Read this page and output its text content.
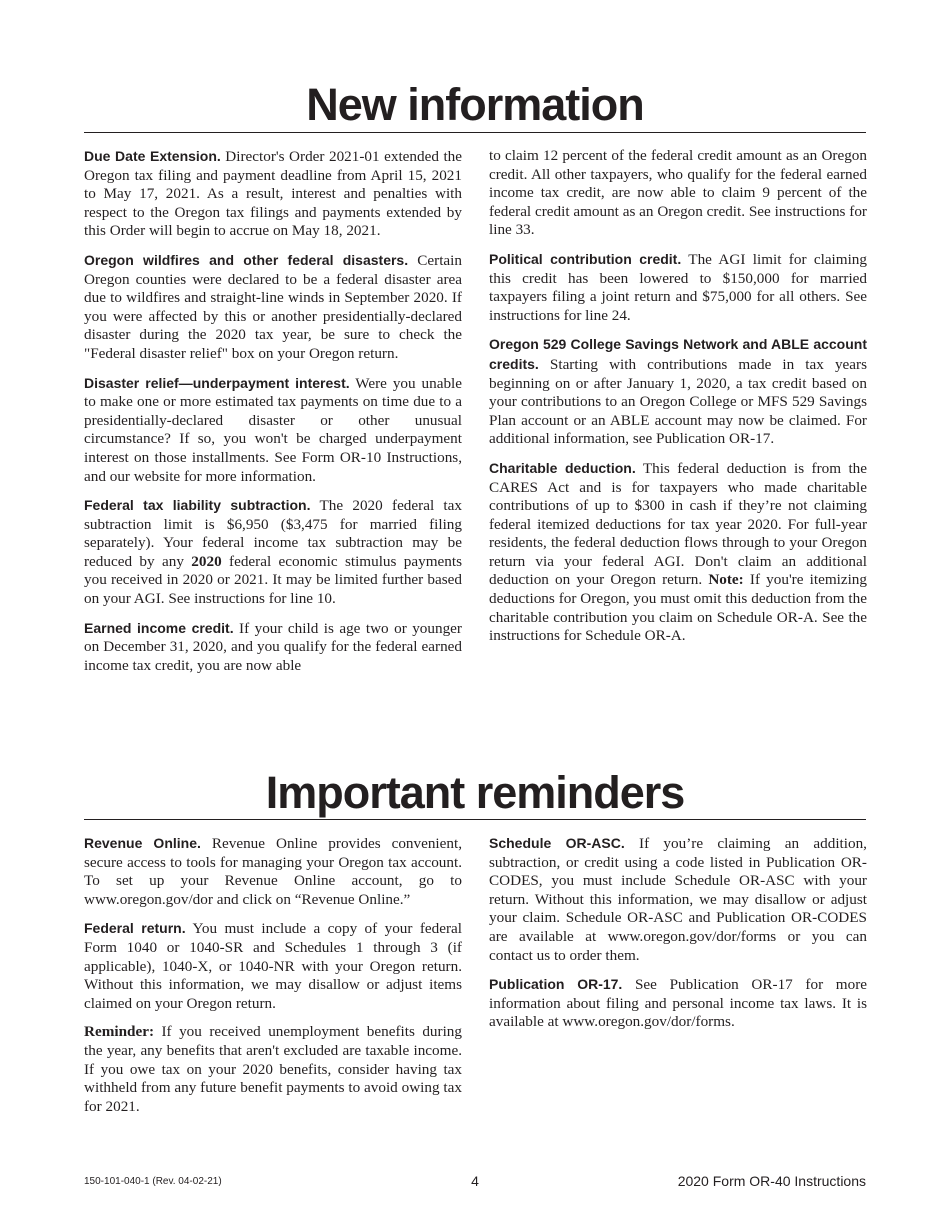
New information

Due Date Extension. Director's Order 2021-01 extended the Oregon tax filing and payment deadline from April 15, 2021 to May 17, 2021. As a result, interest and penalties with respect to the Oregon tax filings and payments extended by this Order will begin to accrue on May 18, 2021.

Oregon wildfires and other federal disasters. Certain Oregon counties were declared to be a federal disaster area due to wildfires and straight-line winds in September 2020. If you were affected by this or another presidentially-declared disaster during the 2020 tax year, be sure to check the "Federal disaster relief" box on your Oregon return.

Disaster relief—underpayment interest. Were you unable to make one or more estimated tax payments on time due to a presidentially-declared disaster or other unusual circumstance? If so, you won't be charged underpayment interest on those installments. See Form OR-10 Instructions, and our website for more information.

Federal tax liability subtraction. The 2020 federal tax subtraction limit is $6,950 ($3,475 for married filing separately). Your federal income tax subtraction may be reduced by any 2020 federal economic stimulus payments you received in 2020 or 2021. It may be limited further based on your AGI. See instructions for line 10.

Earned income credit. If your child is age two or younger on December 31, 2020, and you qualify for the federal earned income tax credit, you are now able

to claim 12 percent of the federal credit amount as an Oregon credit. All other taxpayers, who qualify for the federal earned income tax credit, are now able to claim 9 percent of the federal credit amount as an Oregon credit. See instructions for line 33.

Political contribution credit. The AGI limit for claiming this credit has been lowered to $150,000 for married taxpayers filing a joint return and $75,000 for all others. See instructions for line 24.

Oregon 529 College Savings Network and ABLE account credits. Starting with contributions made in tax years beginning on or after January 1, 2020, a tax credit based on your contributions to an Oregon College or MFS 529 Savings Plan account or an ABLE account may now be claimed. For additional information, see Publication OR-17.

Charitable deduction. This federal deduction is from the CARES Act and is for taxpayers who made charitable contributions of up to $300 in cash if they’re not claiming federal itemized deductions for tax year 2020. For full-year residents, the federal deduction flows through to your Oregon return via your federal AGI. Don't claim an additional deduction on your Oregon return. Note: If you're itemizing deductions for Oregon, you must omit this deduction from the charitable contribution you claim on Schedule OR-A. See the instructions for Schedule OR-A.

Important reminders

Revenue Online. Revenue Online provides convenient, secure access to tools for managing your Oregon tax account. To set up your Revenue Online account, go to www.oregon.gov/dor and click on “Revenue Online.”

Federal return. You must include a copy of your federal Form 1040 or 1040-SR and Schedules 1 through 3 (if applicable), 1040-X, or 1040-NR with your Oregon return. Without this information, we may disallow or adjust items claimed on your Oregon return.

Reminder: If you received unemployment benefits during the year, any benefits that aren't excluded are taxable income. If you owe tax on your 2020 benefits, consider having tax withheld from any future benefit payments to avoid owing tax for 2021.

Schedule OR-ASC. If you’re claiming an addition, subtraction, or credit using a code listed in Publication OR-CODES, you must include Schedule OR-ASC with your return. Without this information, we may disallow or adjust your claim. Schedule OR-ASC and Publication OR-CODES are available at www.oregon.gov/dor/forms or you can contact us to order them.

Publication OR-17. See Publication OR-17 for more information about filing and personal income tax laws. It is available at www.oregon.gov/dor/forms.

150-101-040-1 (Rev. 04-02-21)	4	2020 Form OR-40 Instructions
